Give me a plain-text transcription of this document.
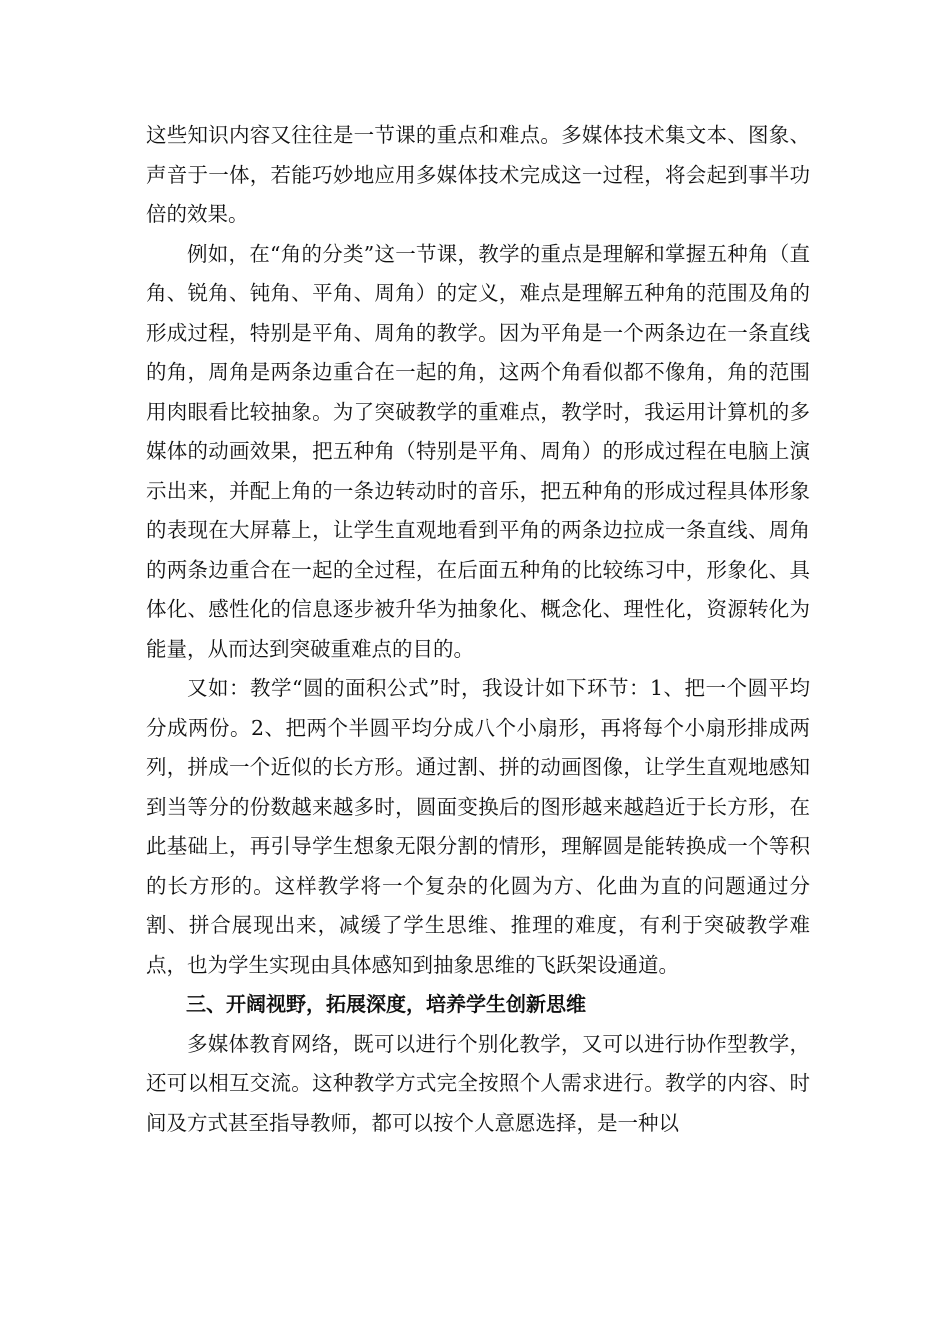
这些知识内容又往往是一节课的重点和难点。多媒体技术集文本、图象、声音于一体，若能巧妙地应用多媒体技术完成这一过程，将会起到事半功倍的效果。

例如，在“角的分类”这一节课，教学的重点是理解和掌握五种角（直角、锐角、钝角、平角、周角）的定义，难点是理解五种角的范围及角的形成过程，特别是平角、周角的教学。因为平角是一个两条边在一条直线的角，周角是两条边重合在一起的角，这两个角看似都不像角，角的范围用肉眼看比较抽象。为了突破教学的重难点，教学时，我运用计算机的多媒体的动画效果，把五种角（特别是平角、周角）的形成过程在电脑上演示出来，并配上角的一条边转动时的音乐，把五种角的形成过程具体形象的表现在大屏幕上，让学生直观地看到平角的两条边拉成一条直线、周角的两条边重合在一起的全过程，在后面五种角的比较练习中，形象化、具体化、感性化的信息逐步被升华为抽象化、概念化、理性化，资源转化为能量，从而达到突破重难点的目的。

又如：教学“圆的面积公式”时，我设计如下环节：1、把一个圆平均分成两份。2、把两个半圆平均分成八个小扇形，再将每个小扇形排成两列，拼成一个近似的长方形。通过割、拼的动画图像，让学生直观地感知到当等分的份数越来越多时，圆面变换后的图形越来越趋近于长方形，在此基础上，再引导学生想象无限分割的情形，理解圆是能转换成一个等积的长方形的。这样教学将一个复杂的化圆为方、化曲为直的问题通过分割、拼合展现出来，减缓了学生思维、推理的难度，有利于突破教学难点，也为学生实现由具体感知到抽象思维的飞跃架设通道。

三、开阔视野，拓展深度，培养学生创新思维

多媒体教育网络，既可以进行个别化教学，又可以进行协作型教学，还可以相互交流。这种教学方式完全按照个人需求进行。教学的内容、时间及方式甚至指导教师，都可以按个人意愿选择，是一种以
